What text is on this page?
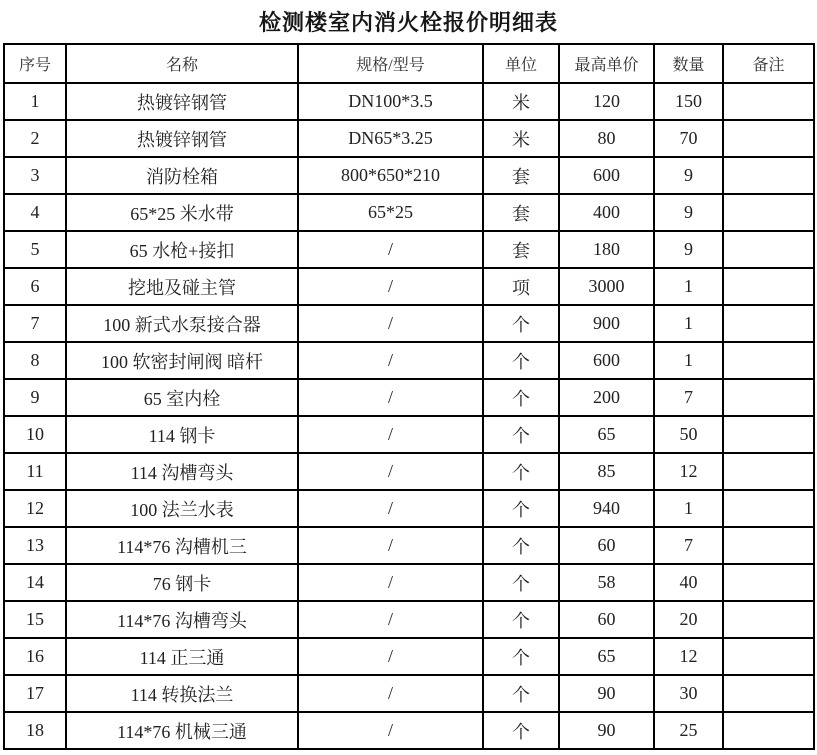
检测楼室内消火栓报价明细表
序号	名称	规格/型号	单位	最高单价	数量	备注
1	热镀锌钢管	DN100*3.5	米	120	150	
2	热镀锌钢管	DN65*3.25	米	80	70	
3	消防栓箱	800*650*210	套	600	9	
4	65*25 米水带	65*25	套	400	9	
5	65 水枪+接扣	/	套	180	9	
6	挖地及碰主管	/	项	3000	1	
7	100 新式水泵接合器	/	个	900	1	
8	100 软密封闸阀 暗杆	/	个	600	1	
9	65 室内栓	/	个	200	7	
10	114 钢卡	/	个	65	50	
11	114 沟槽弯头	/	个	85	12	
12	100 法兰水表	/	个	940	1	
13	114*76 沟槽机三	/	个	60	7	
14	76 钢卡	/	个	58	40	
15	114*76 沟槽弯头	/	个	60	20	
16	114 正三通	/	个	65	12	
17	114 转换法兰	/	个	90	30	
18	114*76 机械三通	/	个	90	25	
